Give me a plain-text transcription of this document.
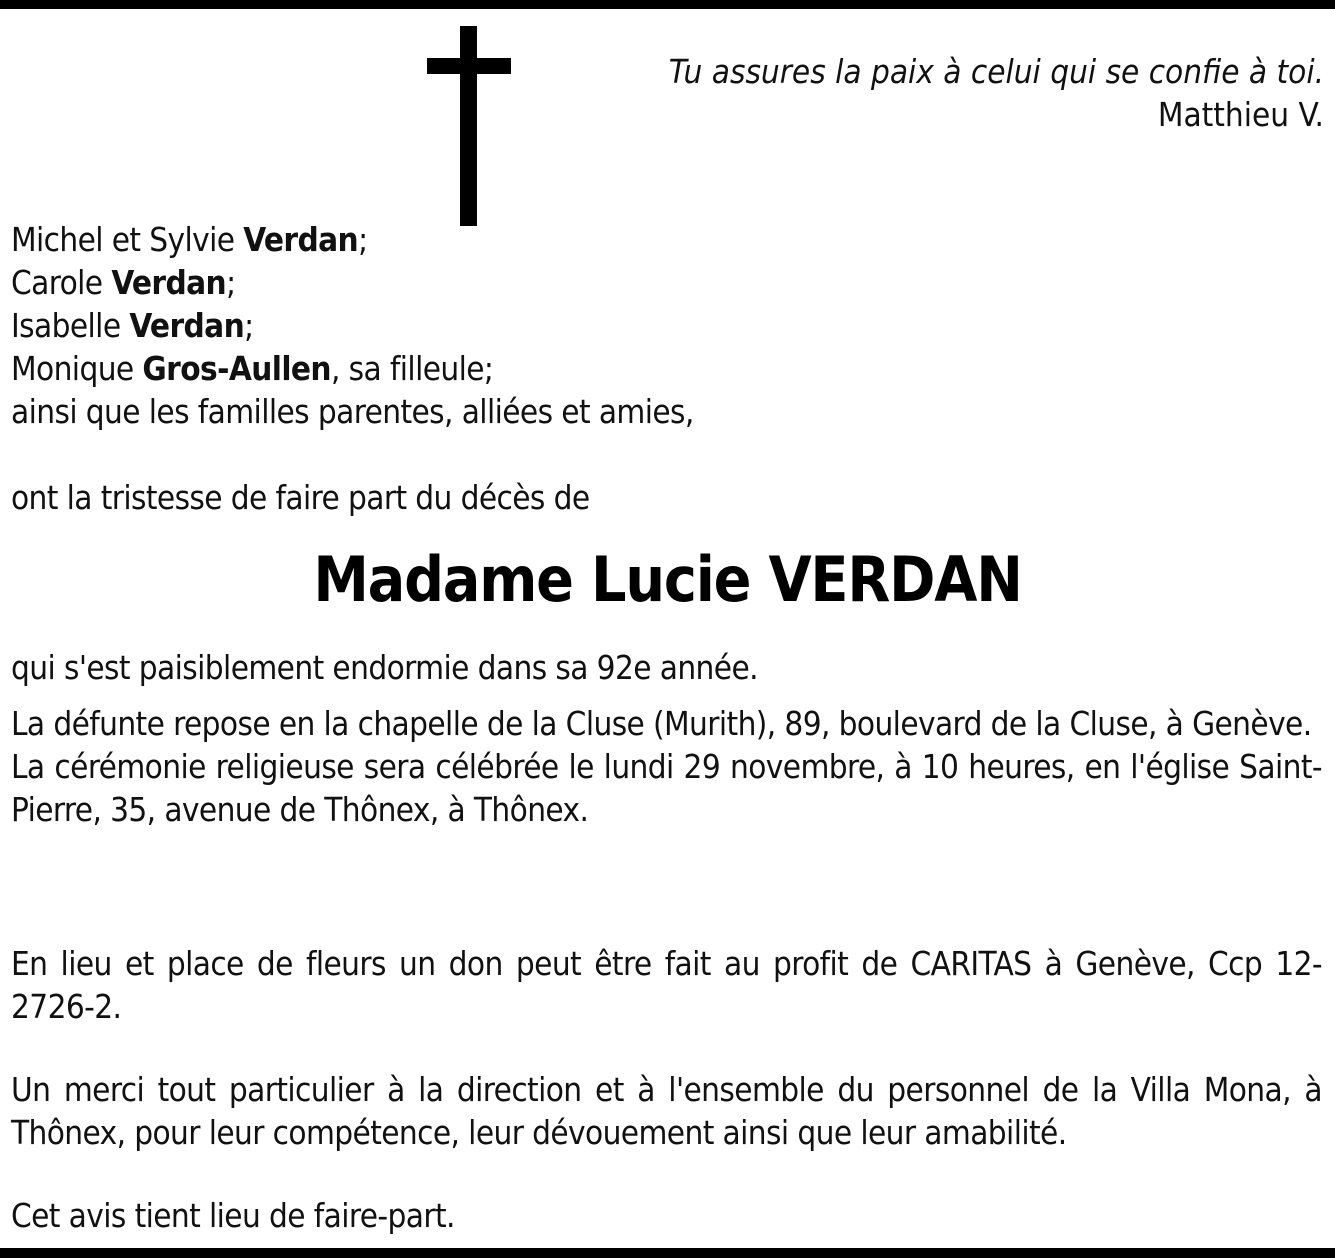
Tu assures la paix à celui qui se confie à toi.
Matthieu V.
Michel et Sylvie Verdan;
Carole Verdan;
Isabelle Verdan;
Monique Gros-Aullen, sa filleule;
ainsi que les familles parentes, alliées et amies,
ont la tristesse de faire part du décès de
Madame Lucie VERDAN
qui s'est paisiblement endormie dans sa 92e année.
La défunte repose en la chapelle de la Cluse (Murith), 89, boulevard de la Cluse, à Genève.
La cérémonie religieuse sera célébrée le lundi 29 novembre, à 10 heures, en l'église Saint-Pierre, 35, avenue de Thônex, à Thônex.
En lieu et place de fleurs un don peut être fait au profit de CARITAS à Genève, Ccp 12-2726-2.
Un merci tout particulier à la direction et à l'ensemble du personnel de la Villa Mona, à Thônex, pour leur compétence, leur dévouement ainsi que leur amabilité.
Cet avis tient lieu de faire-part.
